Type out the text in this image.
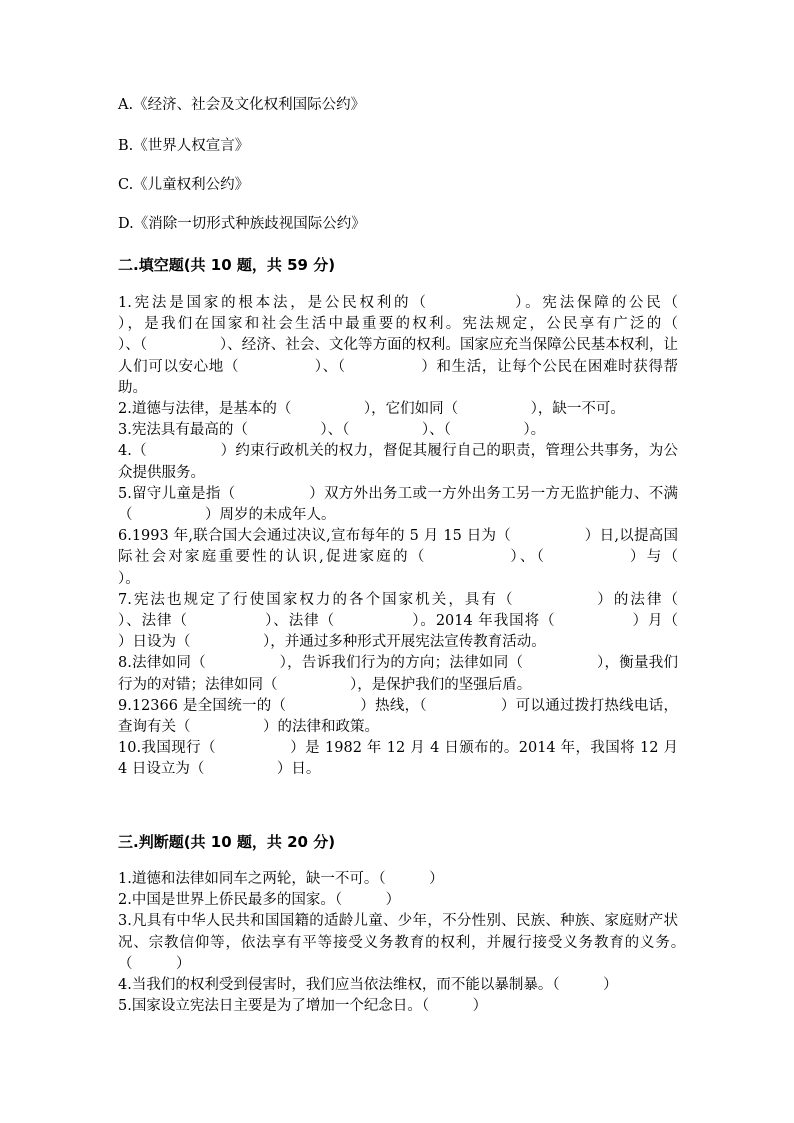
A.《经济、社会及文化权利国际公约》
B.《世界人权宣言》
C.《儿童权利公约》
D.《消除一切形式种族歧视国际公约》
二.填空题(共 10 题，共 59 分)
1.宪法是国家的根本法，是公民权利的（　　　　　）。宪法保障的公民（　　　　　），是我们在国家和社会生活中最重要的权利。宪法规定，公民享有广泛的（　　　　　）、（　　　　　）、经济、社会、文化等方面的权利。国家应充当保障公民基本权利，让人们可以安心地（　　　　　）、（　　　　　）和生活，让每个公民在困难时获得帮助。
2.道德与法律，是基本的（　　　　　），它们如同（　　　　　），缺一不可。
3.宪法具有最高的（　　　　　）、（　　　　　）、（　　　　　）。
4.（　　　　　）约束行政机关的权力，督促其履行自己的职责，管理公共事务，为公众提供服务。
5.留守儿童是指（　　　　　）双方外出务工或一方外出务工另一方无监护能力、不满（　　　　　）周岁的未成年人。
6.1993 年,联合国大会通过决议,宣布每年的 5 月 15 日为（　　　　　）日,以提高国际社会对家庭重要性的认识,促进家庭的（　　　　　）、（　　　　　）与（　　　　　）。
7.宪法也规定了行使国家权力的各个国家机关，具有（　　　　　）的法律（　　　　　）、法律（　　　　　）、法律（　　　　　）。2014 年我国将（　　　　　）月（　　　　　）日设为（　　　　　），并通过多种形式开展宪法宣传教育活动。
8.法律如同（　　　　　），告诉我们行为的方向；法律如同（　　　　　），衡量我们行为的对错；法律如同（　　　　　），是保护我们的坚强后盾。
9.12366 是全国统一的（　　　　　）热线，（　　　　　）可以通过拨打热线电话，查询有关（　　　　　）的法律和政策。
10.我国现行（　　　　　）是 1982 年 12 月 4 日颁布的。2014 年，我国将 12 月 4 日设立为（　　　　　）日。
三.判断题(共 10 题，共 20 分)
1.道德和法律如同车之两轮，缺一不可。（　　　）
2.中国是世界上侨民最多的国家。（　　　）
3.凡具有中华人民共和国国籍的适龄儿童、少年，不分性别、民族、种族、家庭财产状况、宗教信仰等，依法享有平等接受义务教育的权利，并履行接受义务教育的义务。　　　　　　（　　　）
4.当我们的权利受到侵害时，我们应当依法维权，而不能以暴制暴。（　　　）
5.国家设立宪法日主要是为了增加一个纪念日。（　　　）
